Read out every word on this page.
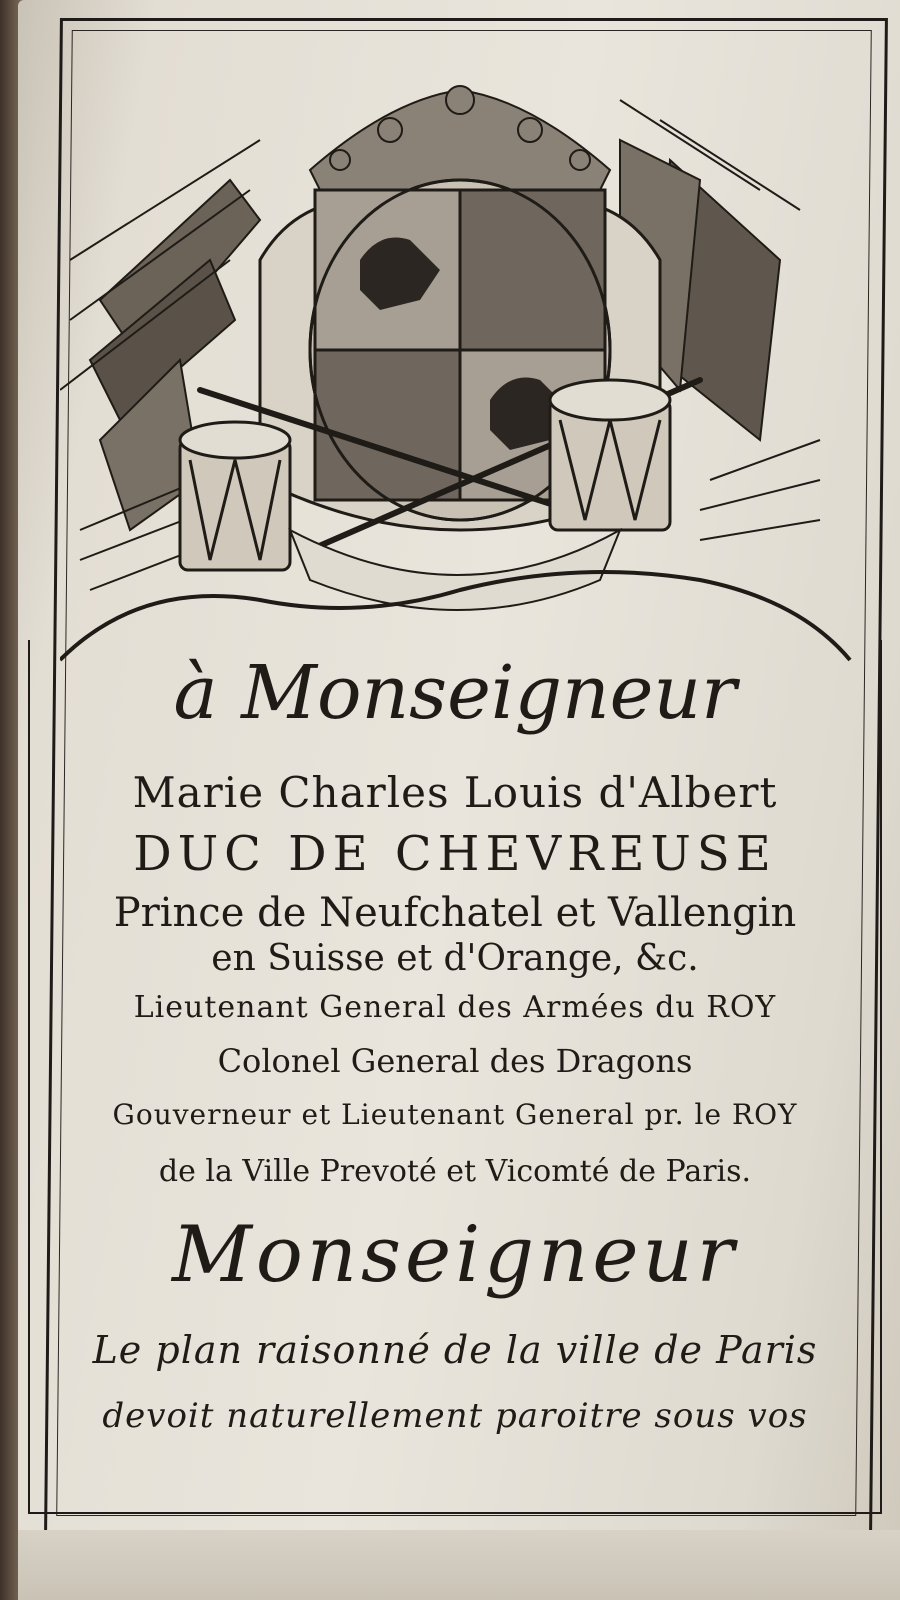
à Monseigneur
Marie Charles Louis d'Albert
DUC DE CHEVREUSE
Prince de Neufchatel et Vallengin
en Suisse et d'Orange, &c.
Lieutenant General des Armées du ROY
Colonel General des Dragons
Gouverneur et Lieutenant General pr. le ROY
de la Ville Prevoté et Vicomté de Paris.
Monseigneur
Le plan raisonné de la ville de Paris
devoit naturellement paroitre sous vos
